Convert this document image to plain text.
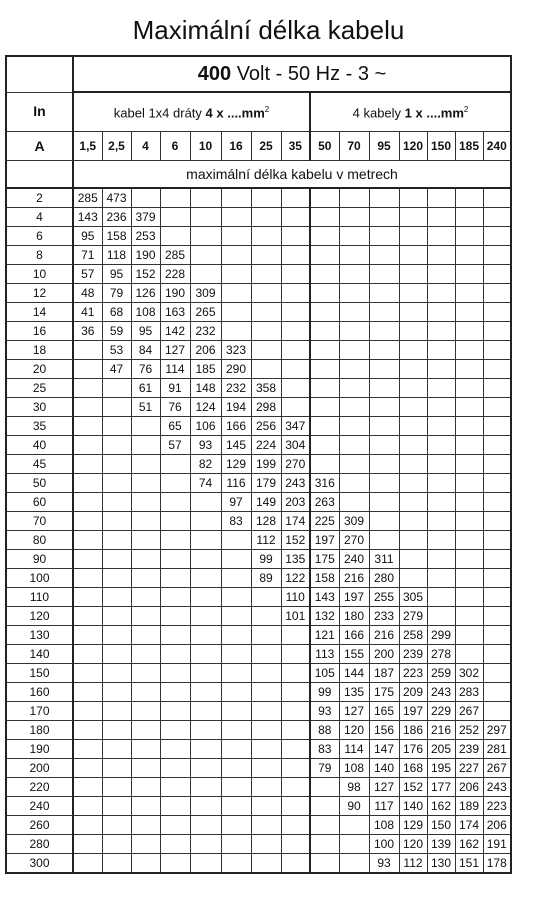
Maximální délka kabelu
	400 Volt - 50 Hz - 3 ~														
In	kabel 1x4 dráty 4 x $....mm^2$								4 kabely 1 x $....mm^2$
A	1,5	2,5	4	6	10	16	25	35	50	70	95	120	150	185	240
	maximální délka kabelu v metrech														
2	285	473													
4	143	236	379												
6	95	158	253												
8	71	118	190	285											
10	57	95	152	228											
12	48	79	126	190	309										
14	41	68	108	163	265										
16	36	59	95	142	232										
18		53	84	127	206	323									
20		47	76	114	185	290									
25			61	91	148	232	358								
30			51	76	124	194	298								
35				65	106	166	256	347							
40				57	93	145	224	304							
45					82	129	199	270							
50					74	116	179	243	316						
60						97	149	203	263						
70						83	128	174	225	309					
80							112	152	197	270					
90							99	135	175	240	311				
100							89	122	158	216	280				
110								110	143	197	255	305			
120								101	132	180	233	279			
130									121	166	216	258	299		
140									113	155	200	239	278		
150									105	144	187	223	259	302	
160									99	135	175	209	243	283	
170									93	127	165	197	229	267	
180									88	120	156	186	216	252	297
190									83	114	147	176	205	239	281
200									79	108	140	168	195	227	267
220										98	127	152	177	206	243
240										90	117	140	162	189	223
260											108	129	150	174	206
280											100	120	139	162	191
300											93	112	130	151	178
